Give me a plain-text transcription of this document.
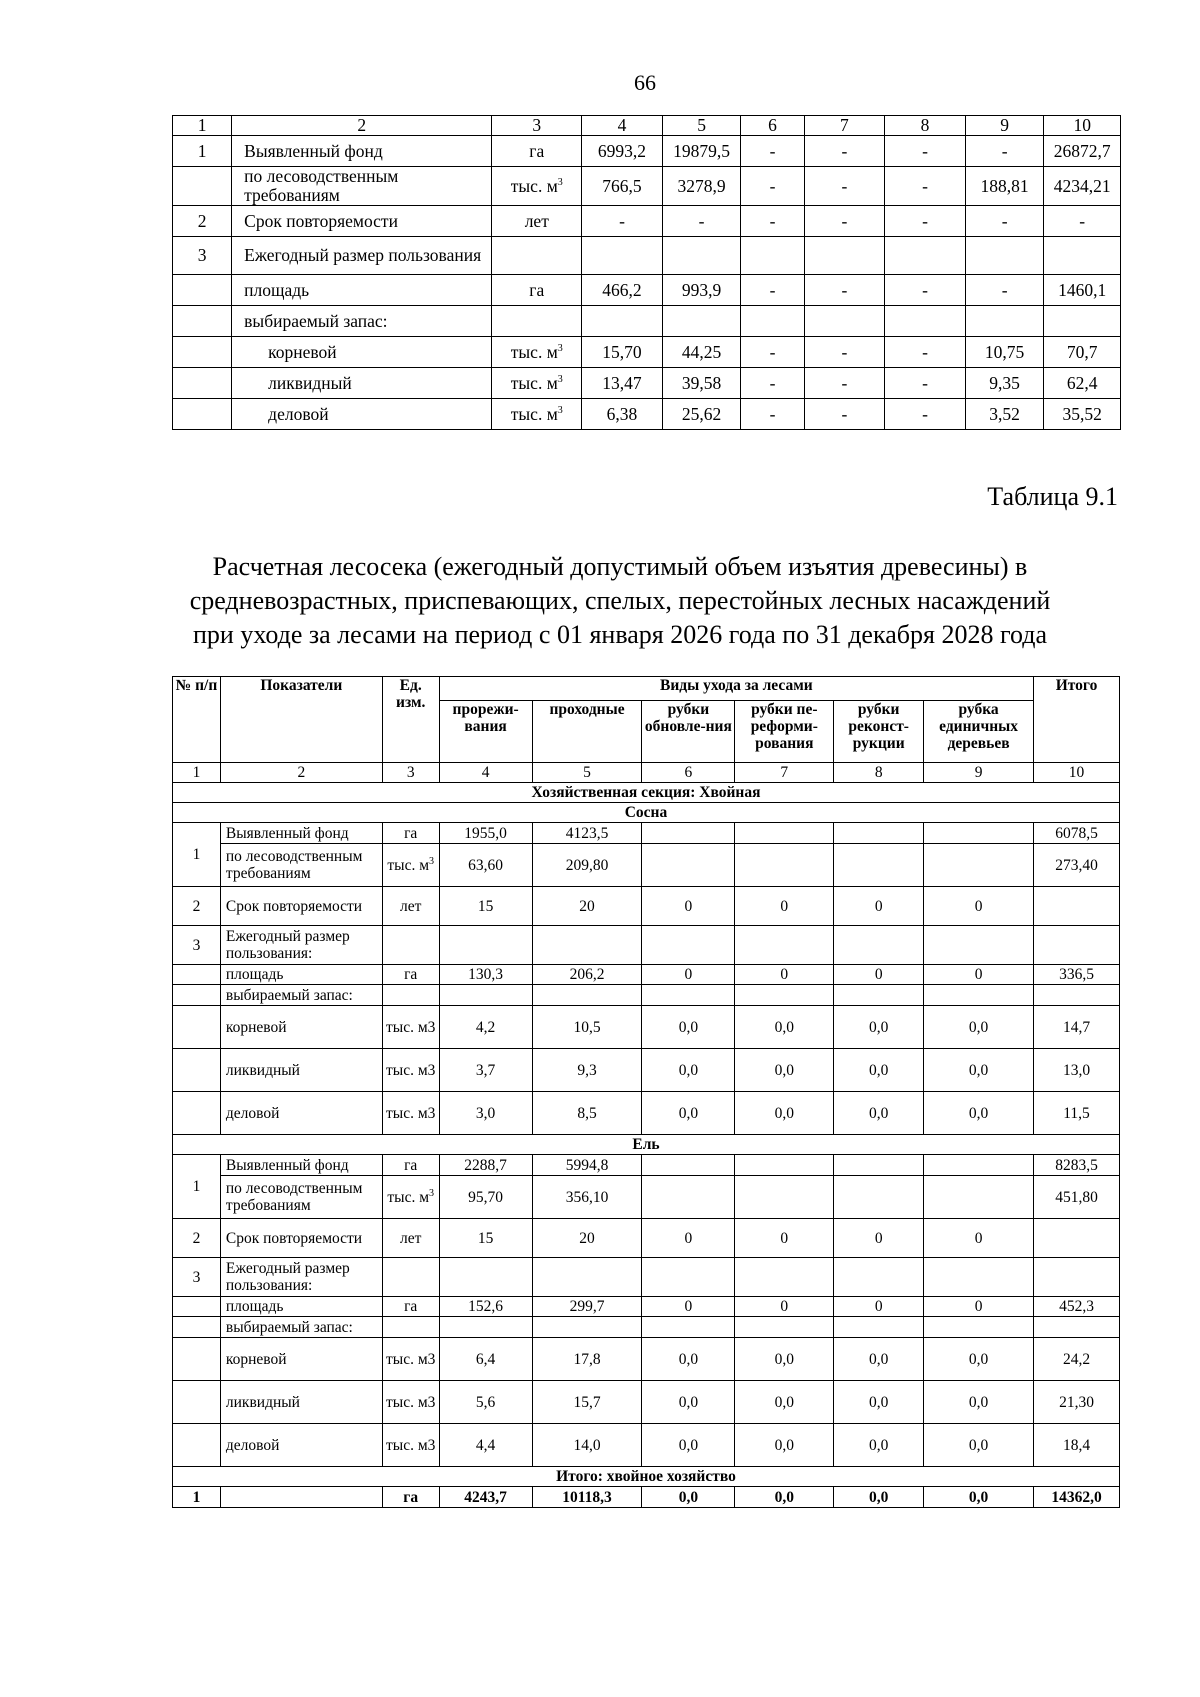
66
1	2	3	4	5	6	7	8	9	10
1	Выявленный фонд	га	6993,2	19879,5	-	-	-	-	26872,7
	по лесоводственным требованиям	тыс. $м^3$	766,5	3278,9	-	-	-	188,81	4234,21
2	Срок повторяемости	лет	-	-	-	-	-	-	-
3	Ежегодный размер пользования								
	площадь	га	466,2	993,9	-	-	-	-	1460,1
	выбираемый запас:								
	корневой	тыс. $м^3$	15,70	44,25	-	-	-	10,75	70,7
	ликвидный	тыс. $м^3$	13,47	39,58	-	-	-	9,35	62,4
	деловой	тыс. $м^3$	6,38	25,62	-	-	-	3,52	35,52
Таблица 9.1
Расчетная лесосека (ежегодный допустимый объем изъятия древесины) в
средневозрастных, приспевающих, спелых, перестойных лесных насаждений
при уходе за лесами на период с 01 января 2026 года по 31 декабря 2028 года
№ п/п	Показатели	Ед. изм.	Виды ухода за лесами						Итого
			прорежи-вания	проходные	рубки обновле-ния	рубки пе-реформи-рования	рубки реконст-рукции	рубка единичных деревьев	
1	2	3	4	5	6	7	8	9	10
Хозяйственная секция: Хвойная									
Сосна									
1	Выявленный фонд	га	1955,0	4123,5					6078,5
	по лесоводственным требованиям	тыс. $м^3$	63,60	209,80					273,40
2	Срок повторяемости	лет	15	20	0	0	0	0	
3	Ежегодный размер пользования:								
	площадь	га	130,3	206,2	0	0	0	0	336,5
	выбираемый запас:								
	корневой	тыс. м3	4,2	10,5	0,0	0,0	0,0	0,0	14,7
	ликвидный	тыс. м3	3,7	9,3	0,0	0,0	0,0	0,0	13,0
	деловой	тыс. м3	3,0	8,5	0,0	0,0	0,0	0,0	11,5
Ель									
1	Выявленный фонд	га	2288,7	5994,8					8283,5
	по лесоводственным требованиям	тыс. $м^3$	95,70	356,10					451,80
2	Срок повторяемости	лет	15	20	0	0	0	0	
3	Ежегодный размер пользования:								
	площадь	га	152,6	299,7	0	0	0	0	452,3
	выбираемый запас:								
	корневой	тыс. м3	6,4	17,8	0,0	0,0	0,0	0,0	24,2
	ликвидный	тыс. м3	5,6	15,7	0,0	0,0	0,0	0,0	21,30
	деловой	тыс. м3	4,4	14,0	0,0	0,0	0,0	0,0	18,4
Итого: хвойное хозяйство									
1		га	4243,7	10118,3	0,0	0,0	0,0	0,0	14362,0
